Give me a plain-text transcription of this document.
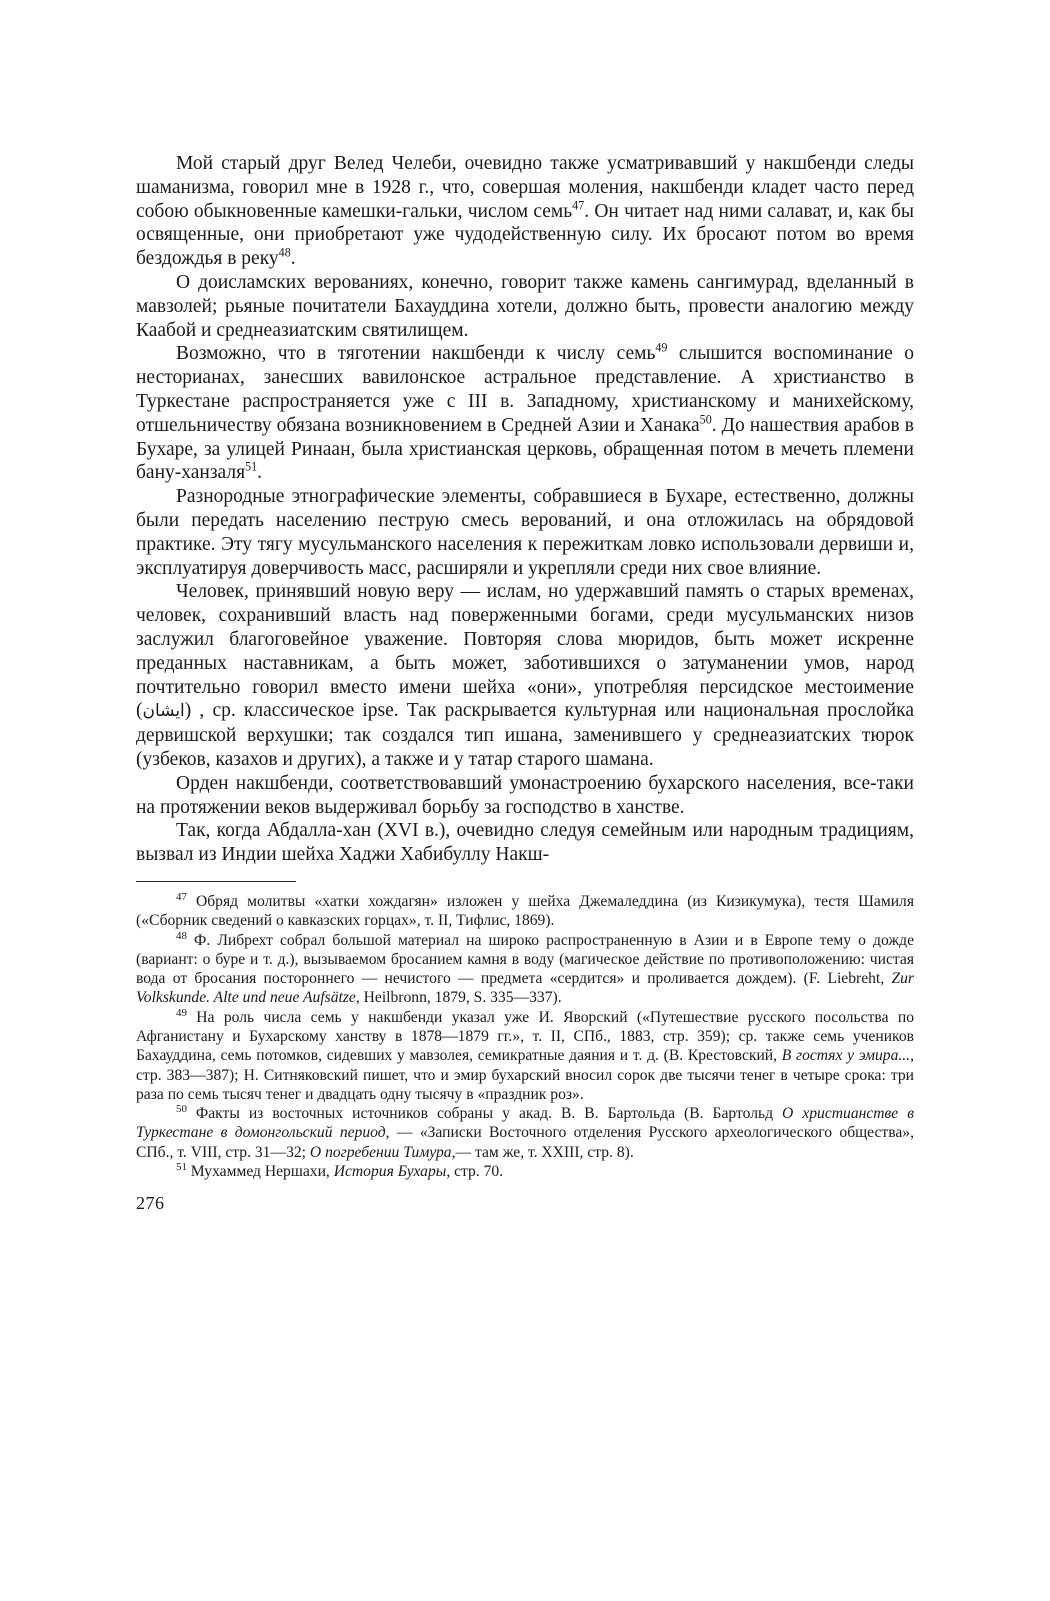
Мой старый друг Велед Челеби, очевидно также усматривавший у накшбенди следы шаманизма, говорил мне в 1928 г., что, совершая моления, накшбенди кладет часто перед собою обыкновенные камешки-гальки, числом семь$^{47}$. Он читает над ними салават, и, как бы освященные, они приобретают уже чудодейственную силу. Их бросают потом во время бездождья в реку$^{48}$.

О доисламских верованиях, конечно, говорит также камень сангимурад, вделанный в мавзолей; рьяные почитатели Бахауддина хотели, должно быть, провести аналогию между Каабой и среднеазиатским святилищем.

Возможно, что в тяготении накшбенди к числу семь$^{49}$ слышится воспоминание о несторианах, занесших вавилонское астральное представление. А христианство в Туркестане распространяется уже с III в. Западному, христианскому и манихейскому, отшельничеству обязана возникновением в Средней Азии и Ханака$^{50}$. До нашествия арабов в Бухаре, за улицей Ринаан, была христианская церковь, обращенная потом в мечеть племени бану-ханзаля$^{51}$.

Разнородные этнографические элементы, собравшиеся в Бухаре, естественно, должны были передать населению пеструю смесь верований, и она отложилась на обрядовой практике. Эту тягу мусульманского населения к пережиткам ловко использовали дервиши и, эксплуатируя доверчивость масс, расширяли и укрепляли среди них свое влияние.

Человек, принявший новую веру — ислам, но удержавший память о старых временах, человек, сохранивший власть над поверженными богами, среди мусульманских низов заслужил благоговейное уважение. Повторяя слова мюридов, быть может искренне преданных наставникам, а быть может, заботившихся о затуманении умов, народ почтительно говорил вместо имени шейха «они», употребляя персидское местоимение (ایشان) , ср. классическое ipse. Так раскрывается культурная или национальная прослойка дервишской верхушки; так создался тип ишана, заменившего у среднеазиатских тюрок (узбеков, казахов и других), а также и у татар старого шамана.

Орден накшбенди, соответствовавший умонастроению бухарского населения, все-таки на протяжении веков выдерживал борьбу за господство в ханстве.

Так, когда Абдалла-хан (XVI в.), очевидно следуя семейным или народным традициям, вызвал из Индии шейха Хаджи Хабибуллу Накш-

$^{47}$ Обряд молитвы «хатки хождагян» изложен у шейха Джемаледдина (из Кизикумука), тестя Шамиля («Сборник сведений о кавказских горцах», т. II, Тифлис, 1869).

$^{48}$ Ф. Либрехт собрал большой материал на широко распространенную в Азии и в Европе тему о дожде (вариант: о буре и т. д.), вызываемом бросанием камня в воду (магическое действие по противоположению: чистая вода от бросания постороннего — нечистого — предмета «сердится» и проливается дождем). (F. Liebreht, Zur Volkskunde. Alte und neue Aufsätze, Heilbronn, 1879, S. 335—337).

$^{49}$ На роль числа семь у накшбенди указал уже И. Яворский («Путешествие русского посольства по Афганистану и Бухарскому ханству в 1878—1879 гг.», т. II, СПб., 1883, стр. 359); ср. также семь учеников Бахауддина, семь потомков, сидевших у мавзолея, семикратные даяния и т. д. (В. Крестовский, В гостях у эмира..., стр. 383—387); Н. Ситняковский пишет, что и эмир бухарский вносил сорок две тысячи тенег в четыре срока: три раза по семь тысяч тенег и двадцать одну тысячу в «праздник роз».

$^{50}$ Факты из восточных источников собраны у акад. В. В. Бартольда (В. Бартольд О христианстве в Туркестане в домонгольский период, — «Записки Восточного отделения Русского археологического общества», СПб., т. VIII, стр. 31—32; О погребении Тимура,— там же, т. XXIII, стр. 8).

$^{51}$ Мухаммед Нершахи, История Бухары, стр. 70.

276
